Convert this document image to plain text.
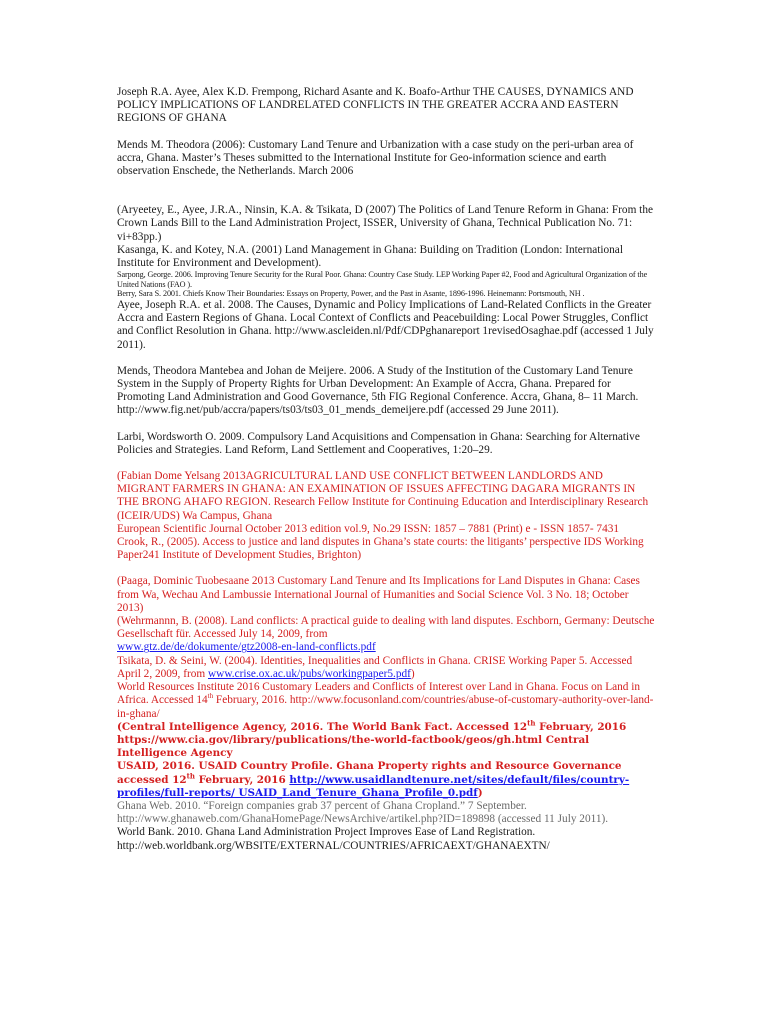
Joseph R.A. Ayee, Alex K.D. Frempong, Richard Asante and K. Boafo-Arthur THE CAUSES, DYNAMICS AND POLICY IMPLICATIONS OF LANDRELATED CONFLICTS IN THE GREATER ACCRA AND EASTERN REGIONS OF GHANA

Mends M. Theodora (2006): Customary Land Tenure and Urbanization with a case study on the peri-urban area of accra, Ghana. Master’s Theses submitted to the International Institute for Geo-information science and earth observation Enschede, the Netherlands. March 2006

(Aryeetey, E., Ayee, J.R.A., Ninsin, K.A. & Tsikata, D (2007) The Politics of Land Tenure Reform in Ghana: From the Crown Lands Bill to the Land Administration Project, ISSER, University of Ghana, Technical Publication No. 71: vi+83pp.)

Kasanga, K. and Kotey, N.A. (2001) Land Management in Ghana: Building on Tradition (London: International Institute for Environment and Development).

Sarpong, George. 2006. Improving Tenure Security for the Rural Poor. Ghana: Country Case Study. LEP Working Paper #2, Food and Agricultural Organization of the United Nations (FAO ).

Berry, Sara S. 2001. Chiefs Know Their Boundaries: Essays on Property, Power, and the Past in Asante, 1896-1996. Heinemann: Portsmouth, NH .

Ayee, Joseph R.A. et al. 2008. The Causes, Dynamic and Policy Implications of Land-Related Conflicts in the Greater Accra and Eastern Regions of Ghana. Local Context of Conflicts and Peacebuilding: Local Power Struggles, Conflict and Conflict Resolution in Ghana. http://www.ascleiden.nl/Pdf/CDPghanareport 1revisedOsaghae.pdf (accessed 1 July 2011).

Mends, Theodora Mantebea and Johan de Meijere. 2006. A Study of the Institution of the Customary Land Tenure System in the Supply of Property Rights for Urban Development: An Example of Accra, Ghana. Prepared for Promoting Land Administration and Good Governance, 5th FIG Regional Conference. Accra, Ghana, 8– 11 March.

http://www.fig.net/pub/accra/papers/ts03/ts03_01_mends_demeijere.pdf (accessed 29 June 2011).

Larbi, Wordsworth O. 2009. Compulsory Land Acquisitions and Compensation in Ghana: Searching for Alternative Policies and Strategies. Land Reform, Land Settlement and Cooperatives, 1:20–29.

(Fabian Dome Yelsang 2013AGRICULTURAL LAND USE CONFLICT BETWEEN LANDLORDS AND MIGRANT FARMERS IN GHANA: AN EXAMINATION OF ISSUES AFFECTING DAGARA MIGRANTS IN THE BRONG AHAFO REGION. Research Fellow Institute for Continuing Education and Interdisciplinary Research (ICEIR/UDS) Wa Campus, Ghana

European Scientific Journal October 2013 edition vol.9, No.29 ISSN: 1857 – 7881 (Print) e - ISSN 1857- 7431

Crook, R., (2005). Access to justice and land disputes in Ghana’s state courts: the litigants’ perspective IDS Working Paper241 Institute of Development Studies, Brighton)

(Paaga, Dominic Tuobesaane 2013 Customary Land Tenure and Its Implications for Land Disputes in Ghana: Cases from Wa, Wechau And Lambussie International Journal of Humanities and Social Science Vol. 3 No. 18; October 2013)

(Wehrmannn, B. (2008). Land conflicts: A practical guide to dealing with land disputes. Eschborn, Germany: Deutsche Gesellschaft für. Accessed July 14, 2009, from
www.gtz.de/de/dokumente/gtz2008-en-land-conflicts.pdf

Tsikata, D. & Seini, W. (2004). Identities, Inequalities and Conflicts in Ghana. CRISE Working Paper 5. Accessed April 2, 2009, from www.crise.ox.ac.uk/pubs/workingpaper5.pdf)

World Resources Institute 2016 Customary Leaders and Conflicts of Interest over Land in Ghana. Focus on Land in Africa. Accessed 14th February, 2016. http://www.focusonland.com/countries/abuse-of-customary-authority-over-land-in-ghana/

(Central Intelligence Agency, 2016. The World Bank Fact. Accessed 12th February, 2016 https://www.cia.gov/library/publications/the-world-factbook/geos/gh.html Central Intelligence Agency

USAID, 2016. USAID Country Profile. Ghana Property rights and Resource Governance accessed 12th February, 2016 http://www.usaidlandtenure.net/sites/default/files/country-profiles/full-reports/ USAID_Land_Tenure_Ghana_Profile_0.pdf)

Ghana Web. 2010. “Foreign companies grab 37 percent of Ghana Cropland.” 7 September. http://www.ghanaweb.com/GhanaHomePage/NewsArchive/artikel.php?ID=189898 (accessed 11 July 2011).

World Bank. 2010. Ghana Land Administration Project Improves Ease of Land Registration. http://web.worldbank.org/WBSITE/EXTERNAL/COUNTRIES/AFRICAEXT/GHANAEXTN/
